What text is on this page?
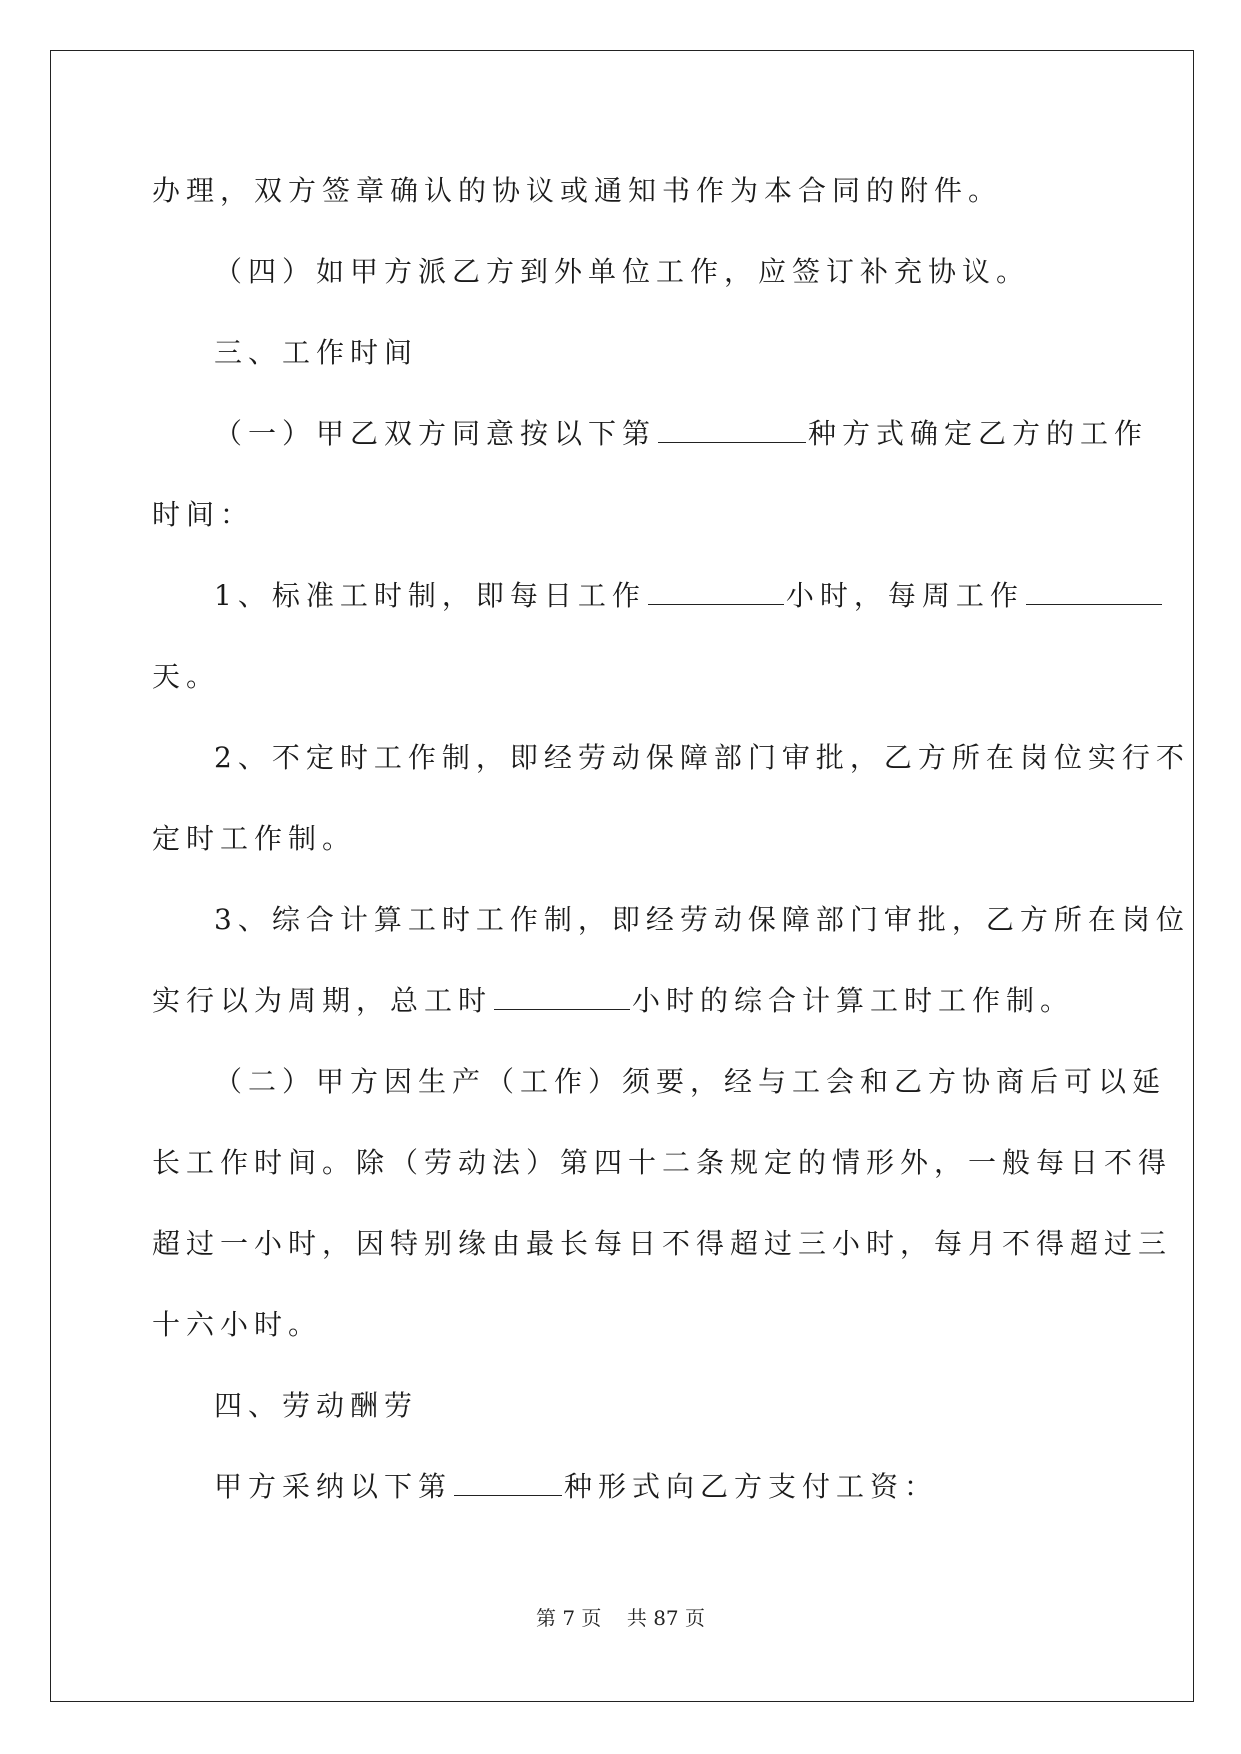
办理，双方签章确认的协议或通知书作为本合同的附件。
（四）如甲方派乙方到外单位工作，应签订补充协议。
三、工作时间
（一）甲乙双方同意按以下第	种方式确定乙方的工作
时间：
1、标准工时制，即每日工作	小时，每周工作
天。
2、不定时工作制，即经劳动保障部门审批，乙方所在岗位实行不
定时工作制。
3、综合计算工时工作制，即经劳动保障部门审批，乙方所在岗位
实行以为周期，总工时	小时的综合计算工时工作制。
（二）甲方因生产（工作）须要，经与工会和乙方协商后可以延
长工作时间。除（劳动法）第四十二条规定的情形外，一般每日不得
超过一小时，因特别缘由最长每日不得超过三小时，每月不得超过三
十六小时。
四、劳动酬劳
甲方采纳以下第	种形式向乙方支付工资：
第 7 页    共 87 页
